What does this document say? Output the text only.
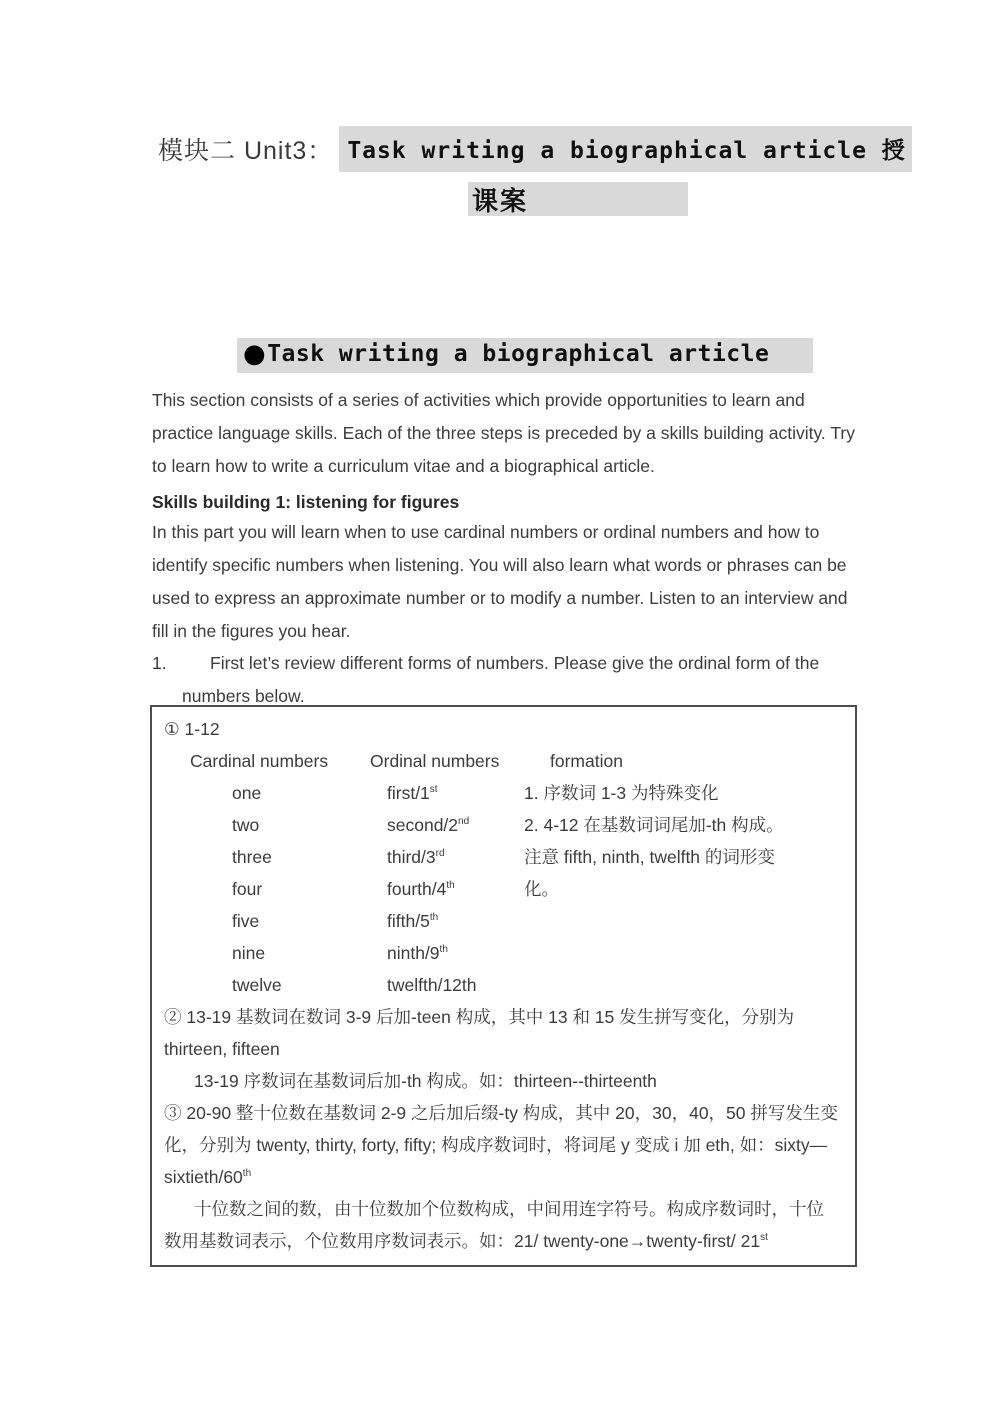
模块二 Unit3： Task writing a biographical article 授
课案
● Task writing a biographical article
This section consists of a series of activities which provide opportunities to learn and
practice language skills. Each of the three steps is preceded by a skills building activity. Try
to learn how to write a curriculum vitae and a biographical article.
Skills building 1: listening for figures
In this part you will learn when to use cardinal numbers or ordinal numbers and how to
identify specific numbers when listening. You will also learn what words or phrases can be
used to express an approximate number or to modify a number. Listen to an interview and
fill in the figures you hear.
1.	First let’s review different forms of numbers. Please give the ordinal form of the
numbers below.
① 1-12
Cardinal numbers	Ordinal numbers	formation
one	first/1st	1. 序数词 1-3 为特殊变化
two	second/2nd	2. 4-12 在基数词词尾加-th 构成。
three	third/3rd	注意 fifth, ninth, twelfth 的词形变
four	fourth/4th	化。
five	fifth/5th
nine	ninth/9th
twelve	twelfth/12th
② 13-19 基数词在数词 3-9 后加-teen 构成，其中 13 和 15 发生拼写变化，分别为
thirteen, fifteen
13-19 序数词在基数词后加-th 构成。如：thirteen--thirteenth
③ 20-90 整十位数在基数词 2-9 之后加后缀-ty 构成，其中 20，30，40，50 拼写发生变
化，分别为 twenty, thirty, forty, fifty; 构成序数词时，将词尾 y 变成 i 加 eth, 如：sixty—
sixtieth/60th
十位数之间的数，由十位数加个位数构成，中间用连字符号。构成序数词时，十位
数用基数词表示，个位数用序数词表示。如：21/ twenty-one→twenty-first/ 21st
